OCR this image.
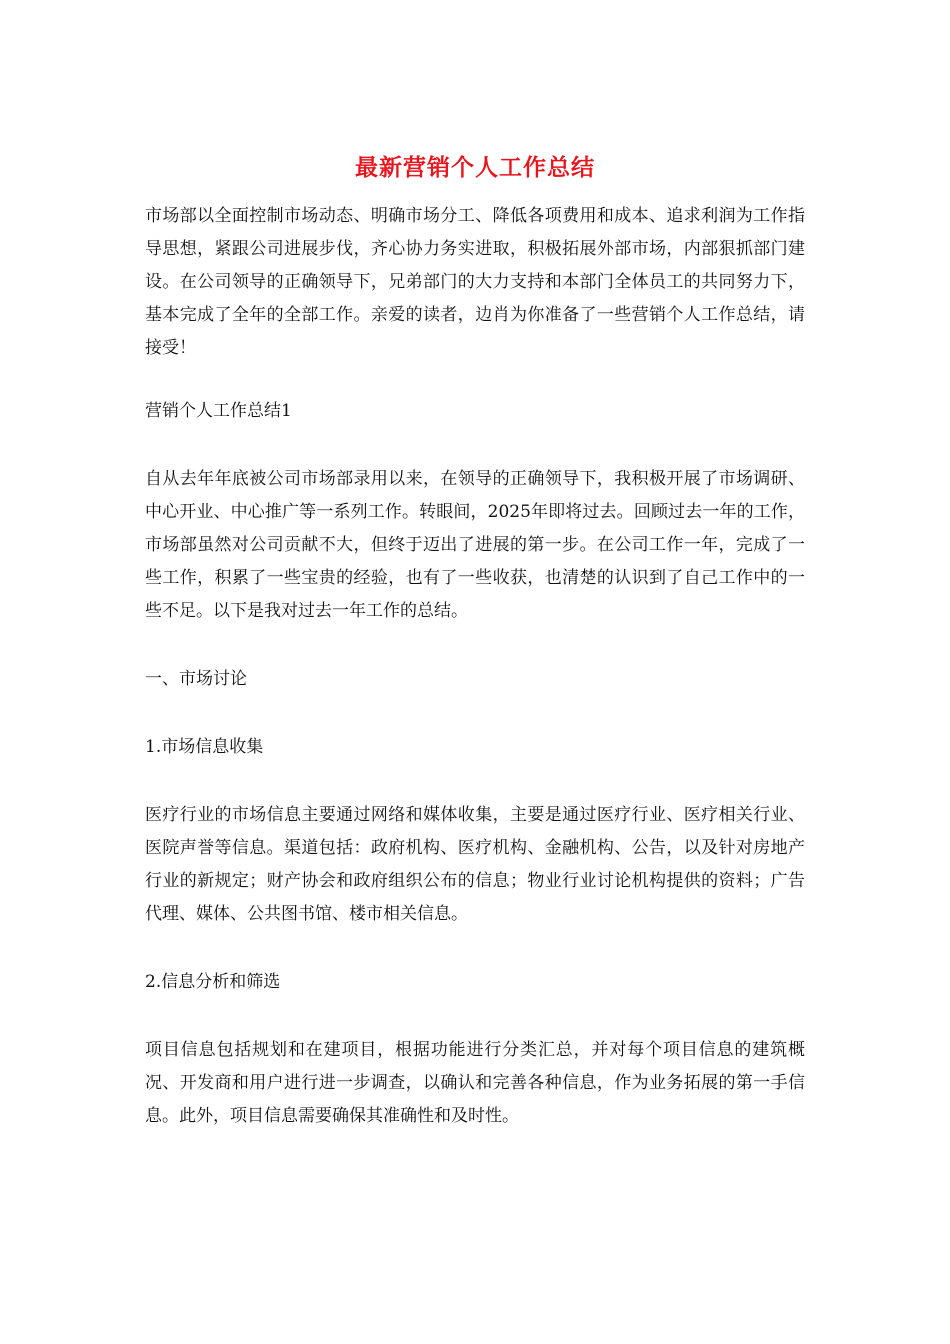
最新营销个人工作总结

市场部以全面控制市场动态、明确市场分工、降低各项费用和成本、追求利润为工作指导思想，紧跟公司进展步伐，齐心协力务实进取，积极拓展外部市场，内部狠抓部门建设。在公司领导的正确领导下，兄弟部门的大力支持和本部门全体员工的共同努力下，基本完成了全年的全部工作。亲爱的读者，边肖为你准备了一些营销个人工作总结，请接受！

营销个人工作总结1

自从去年年底被公司市场部录用以来，在领导的正确领导下，我积极开展了市场调研、中心开业、中心推广等一系列工作。转眼间，2025年即将过去。回顾过去一年的工作，市场部虽然对公司贡献不大，但终于迈出了进展的第一步。在公司工作一年，完成了一些工作，积累了一些宝贵的经验，也有了一些收获，也清楚的认识到了自己工作中的一些不足。以下是我对过去一年工作的总结。

一、市场讨论

1.市场信息收集

医疗行业的市场信息主要通过网络和媒体收集，主要是通过医疗行业、医疗相关行业、医院声誉等信息。渠道包括：政府机构、医疗机构、金融机构、公告，以及针对房地产行业的新规定；财产协会和政府组织公布的信息；物业行业讨论机构提供的资料；广告代理、媒体、公共图书馆、楼市相关信息。

2.信息分析和筛选

项目信息包括规划和在建项目，根据功能进行分类汇总，并对每个项目信息的建筑概况、开发商和用户进行进一步调查，以确认和完善各种信息，作为业务拓展的第一手信息。此外，项目信息需要确保其准确性和及时性。
